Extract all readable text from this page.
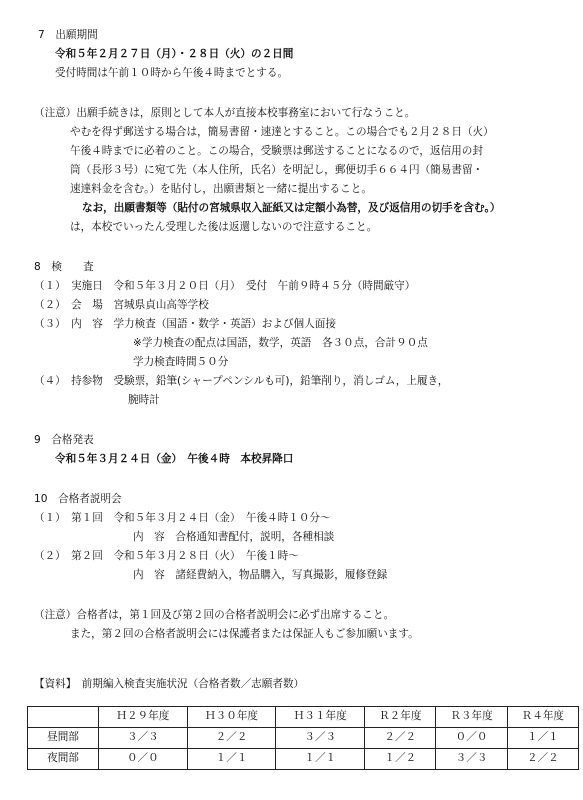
7　出願期間
令和５年２月２７日（月）・２８日（火）の２日間
受付時間は午前１０時から午後４時までとする。
（注意）出願手続きは，原則として本人が直接本校事務室において行なうこと。
やむを得ず郵送する場合は，簡易書留・速達とすること。この場合でも２月２８日（火）
午後４時までに必着のこと。この場合，受験票は郵送することになるので，返信用の封
筒（長形３号）に宛て先（本人住所，氏名）を明記し，郵便切手６６４円（簡易書留・
速達料金を含む。）を貼付し，出願書類と一緒に提出すること。
なお，出願書類等（貼付の宮城県収入証紙又は定額小為替，及び返信用の切手を含む。）
は，本校でいったん受理した後は返還しないので注意すること。
8　検　　査
（１）　実施日　令和５年３月２０日（月）　受付　午前９時４５分（時間厳守）
（２）　会　場　宮城県貞山高等学校
（３）　内　容　学力検査（国語・数学・英語）および個人面接
※学力検査の配点は国語，数学，英語　各３０点，合計９０点
学力検査時間５０分
（４）　持参物　受験票，鉛筆(シャープペンシルも可)，鉛筆削り，消しゴム，上履き，
腕時計
9　合格発表
令和５年３月２４日（金）　午後４時　本校昇降口
10　合格者説明会
（１）　第１回　令和５年３月２４日（金）　午後４時１０分～
内　容　合格通知書配付，説明，各種相談
（２）　第２回　令和５年３月２８日（火）　午後１時～
内　容　諸経費納入，物品購入，写真撮影，履修登録
（注意）合格者は，第１回及び第２回の合格者説明会に必ず出席すること。
また，第２回の合格者説明会には保護者または保証人もご参加願います。
【資料】　前期編入検査実施状況（合格者数／志願者数）
	Ｈ２９年度	Ｈ３０年度	Ｈ３１年度	Ｒ２年度	Ｒ３年度	Ｒ４年度
昼間部	３／３	２／２	３／３	２／２	０／０	１／１
夜間部	０／０	１／１	１／１	１／２	３／３	２／２
